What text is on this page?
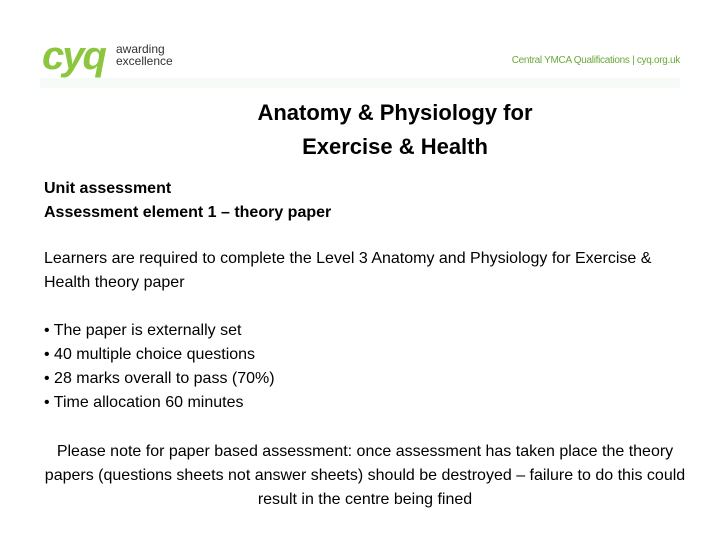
cyq awarding
excellence	Central YMCA Qualifications | cyq.org.uk
Anatomy & Physiology for
Exercise & Health
Unit assessment
Assessment element 1 – theory paper
Learners are required to complete the Level 3 Anatomy and Physiology for Exercise & Health theory paper
• The paper is externally set
• 40 multiple choice questions
• 28 marks overall to pass (70%)
• Time allocation 60 minutes
Please note for paper based assessment: once assessment has taken place the theory papers (questions sheets not answer sheets) should be destroyed – failure to do this could result in the centre being fined
